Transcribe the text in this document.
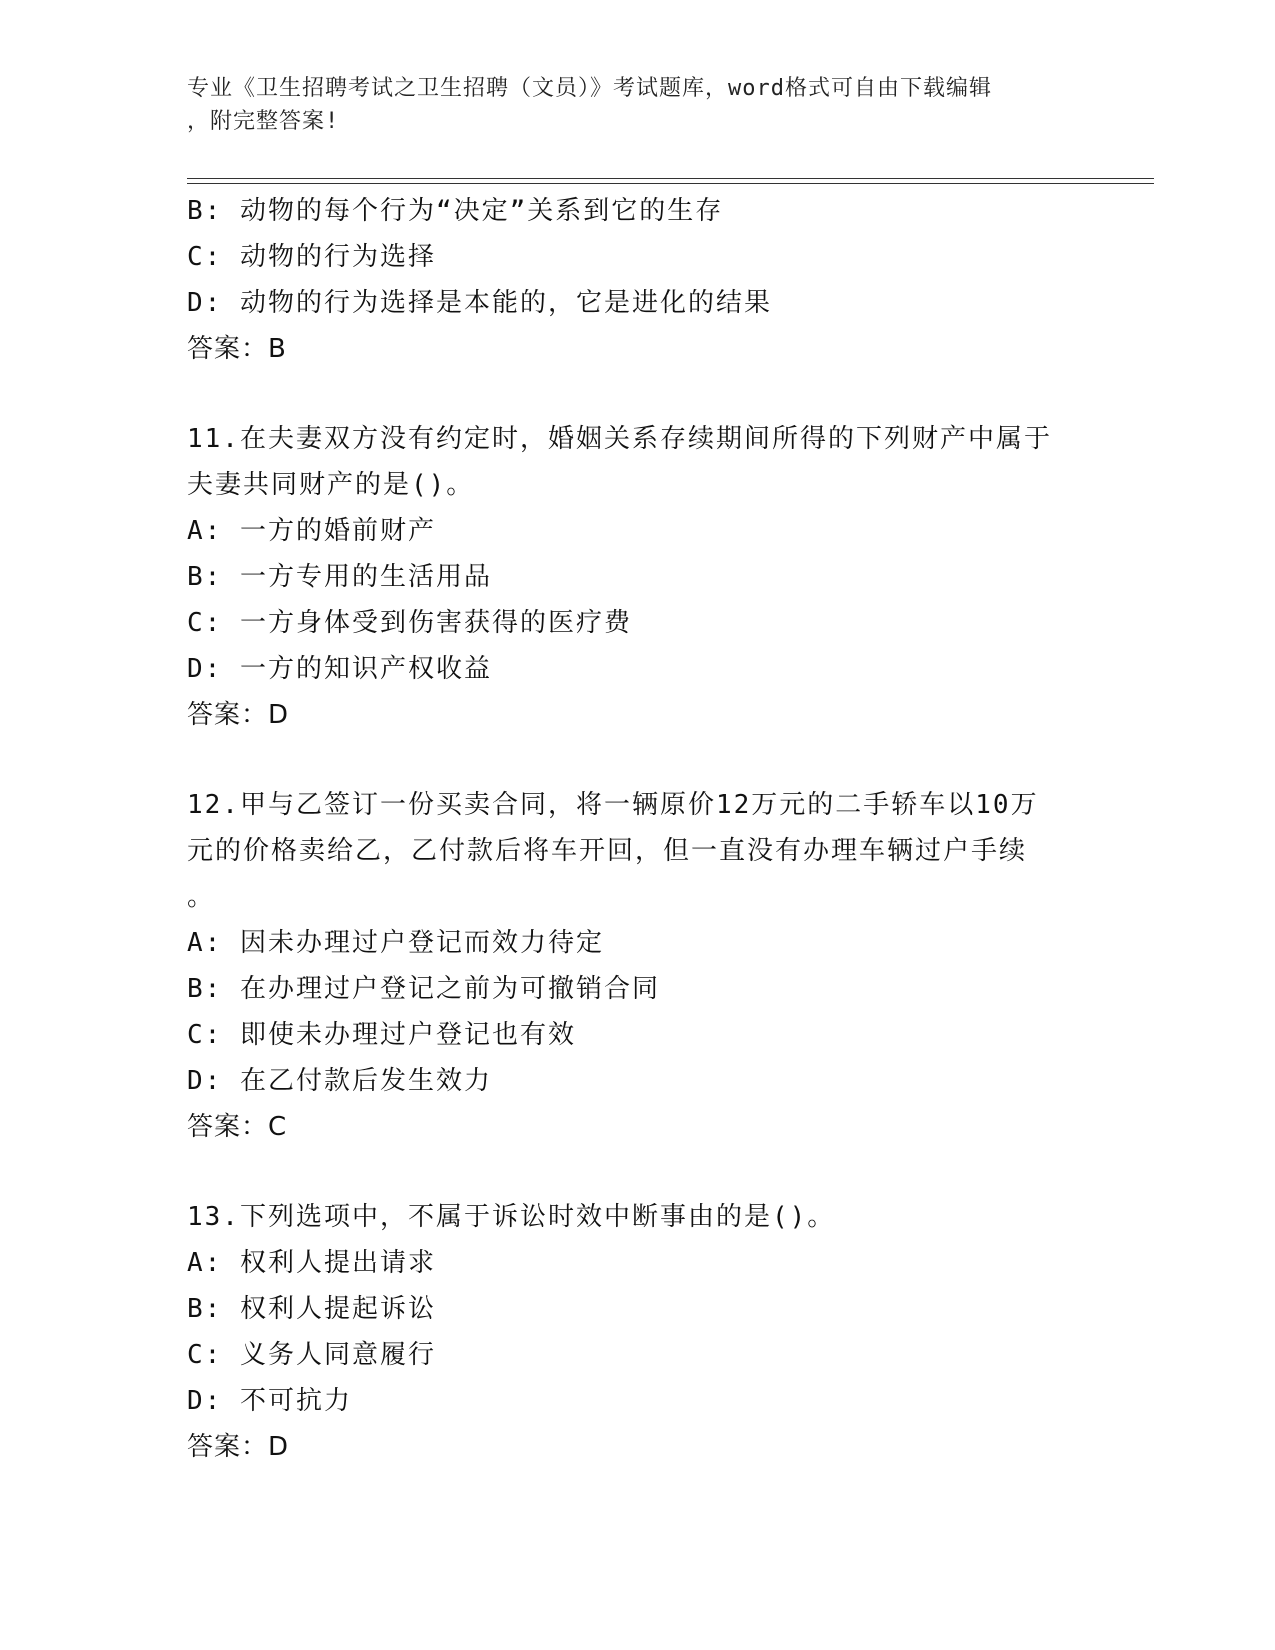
专业《卫生招聘考试之卫生招聘（文员）》考试题库，word格式可自由下载编辑
，附完整答案!
B: 动物的每个行为“决定”关系到它的生存
C: 动物的行为选择
D: 动物的行为选择是本能的，它是进化的结果
答案：B
11.在夫妻双方没有约定时，婚姻关系存续期间所得的下列财产中属于
夫妻共同财产的是()。
A: 一方的婚前财产
B: 一方专用的生活用品
C: 一方身体受到伤害获得的医疗费
D: 一方的知识产权收益
答案：D
12.甲与乙签订一份买卖合同，将一辆原价12万元的二手轿车以10万
元的价格卖给乙，乙付款后将车开回，但一直没有办理车辆过户手续
。
A: 因未办理过户登记而效力待定
B: 在办理过户登记之前为可撤销合同
C: 即使未办理过户登记也有效
D: 在乙付款后发生效力
答案：C
13.下列选项中，不属于诉讼时效中断事由的是()。
A: 权利人提出请求
B: 权利人提起诉讼
C: 义务人同意履行
D: 不可抗力
答案：D
